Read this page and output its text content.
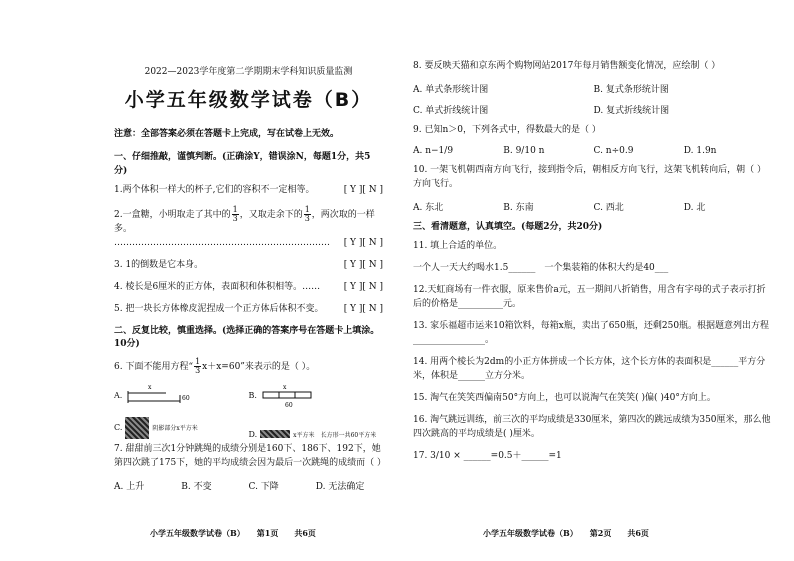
2022—2023学年度第二学期期末学科知识质量监测
小学五年级数学试卷（B）
注意：全部答案必须在答题卡上完成，写在试卷上无效。
一、仔细推敲，谨慎判断。(正确涂Y，错误涂N，每题1分，共5分)
1.两个体积一样大的杯子,它们的容积不一定相等。	[ Y ][ N ]
2.一盒糖，小明取走了其中的 $\frac{1}{3}$ ，又取走余下的 $\frac{1}{3}$ ，两次取的一样多。
……………………………………………………………… [ Y ][ N ]
3. 1的倒数是它本身。	[ Y ][ N ]
4. 棱长是6厘米的正方体，表面积和体积相等。……	[ Y ][ N ]
5. 把一块长方体橡皮泥捏成一个正方体后体积不变。 [ Y ][ N ]
二、反复比较，慎重选择。(选择正确的答案序号在答题卡上填涂。10分)
6. 下面不能用方程“ $\frac{1}{3} x+x=60$”来表示的是（ ）。
A.
x
60	B.
x
60
C.	阴影部分x平方米
D.	x平方米 长方形一共60平方米
7. 甜甜前三次1分钟跳绳的成绩分别是160下、186下、192下，她第四次跳了175下，她的平均成绩会因为最后一次跳绳的成绩而（ ）
A. 上升	B. 不变	C. 下降	D. 无法确定
小学五年级数学试卷（B）　　第1页　　共6页
8. 要反映天猫和京东两个购物网站2017年每月销售额变化情况，应绘制（ ）
A. 单式条形统计图	B. 复式条形统计图
C. 单式折线统计图	D. 复式折线统计图
9. 已知n＞0，下列各式中，得数最大的是（ ）
A. n−1/9	B. 9/10 n	C. n÷0.9	D. 1.9n
10. 一架飞机朝西南方向飞行，接到指令后，朝相反方向飞行，这架飞机转向后，朝（ ）方向飞行。
A. 东北	B. 东南	C. 西北	D. 北
三、看清题意，认真填空。(每题2分，共20分)
11. 填上合适的单位。
一个人一天大约喝水1.5______　一个集装箱的体积大约是40___
12.天虹商场有一件衣服，原来售价a元，五一期间八折销售，用含有字母的式子表示打折后的价格是__________元。
13. 家乐福超市运来10箱饮料，每箱x瓶，卖出了650瓶，还剩250瓶。根据题意列出方程________________。
14. 用两个棱长为2dm的小正方体拼成一个长方体，这个长方体的表面积是______平方分米，体积是______立方分米。
15. 淘气在笑笑西偏南50°方向上，也可以说淘气在笑笑( )偏( )40°方向上。
16. 淘气跳远训练，前三次的平均成绩是330厘米，第四次的跳远成绩为350厘米，那么他四次跳高的平均成绩是( )厘米。
17. 3/10 × ______=0.5＋______=1
小学五年级数学试卷（B）　　第2页　　共6页
